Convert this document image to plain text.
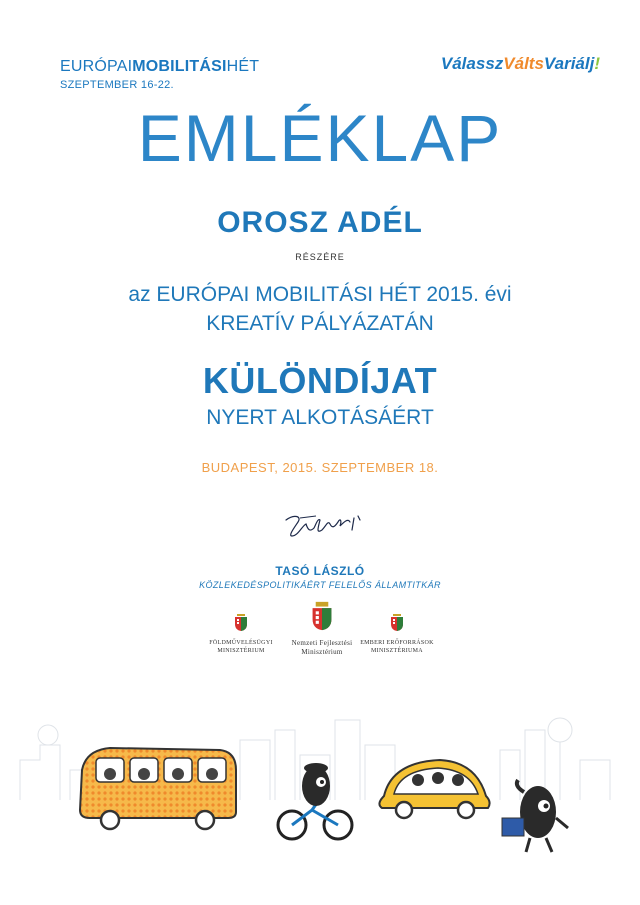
EURÓPAIMOBILITÁSIHÉT
SZEPTEMBER 16-22.
VálasszVáltsVariálj!
EMLÉKLAP
OROSZ ADÉL
RÉSZÉRE
az EURÓPAI MOBILITÁSI HÉT 2015. évi
KREATÍV PÁLYÁZATÁN
KÜLÖNDÍJAT
NYERT ALKOTÁSÁÉRT
BUDAPEST, 2015. SZEPTEMBER 18.
TASÓ LÁSZLÓ
KÖZLEKEDÉSPOLITIKÁÉRT FELELŐS ÁLLAMTITKÁR
FÖLDMŰVELÉSÜGYI
MINISZTÉRIUM
Nemzeti Fejlesztési
Minisztérium
EMBERI ERŐFORRÁSOK
MINISZTÉRIUMA
